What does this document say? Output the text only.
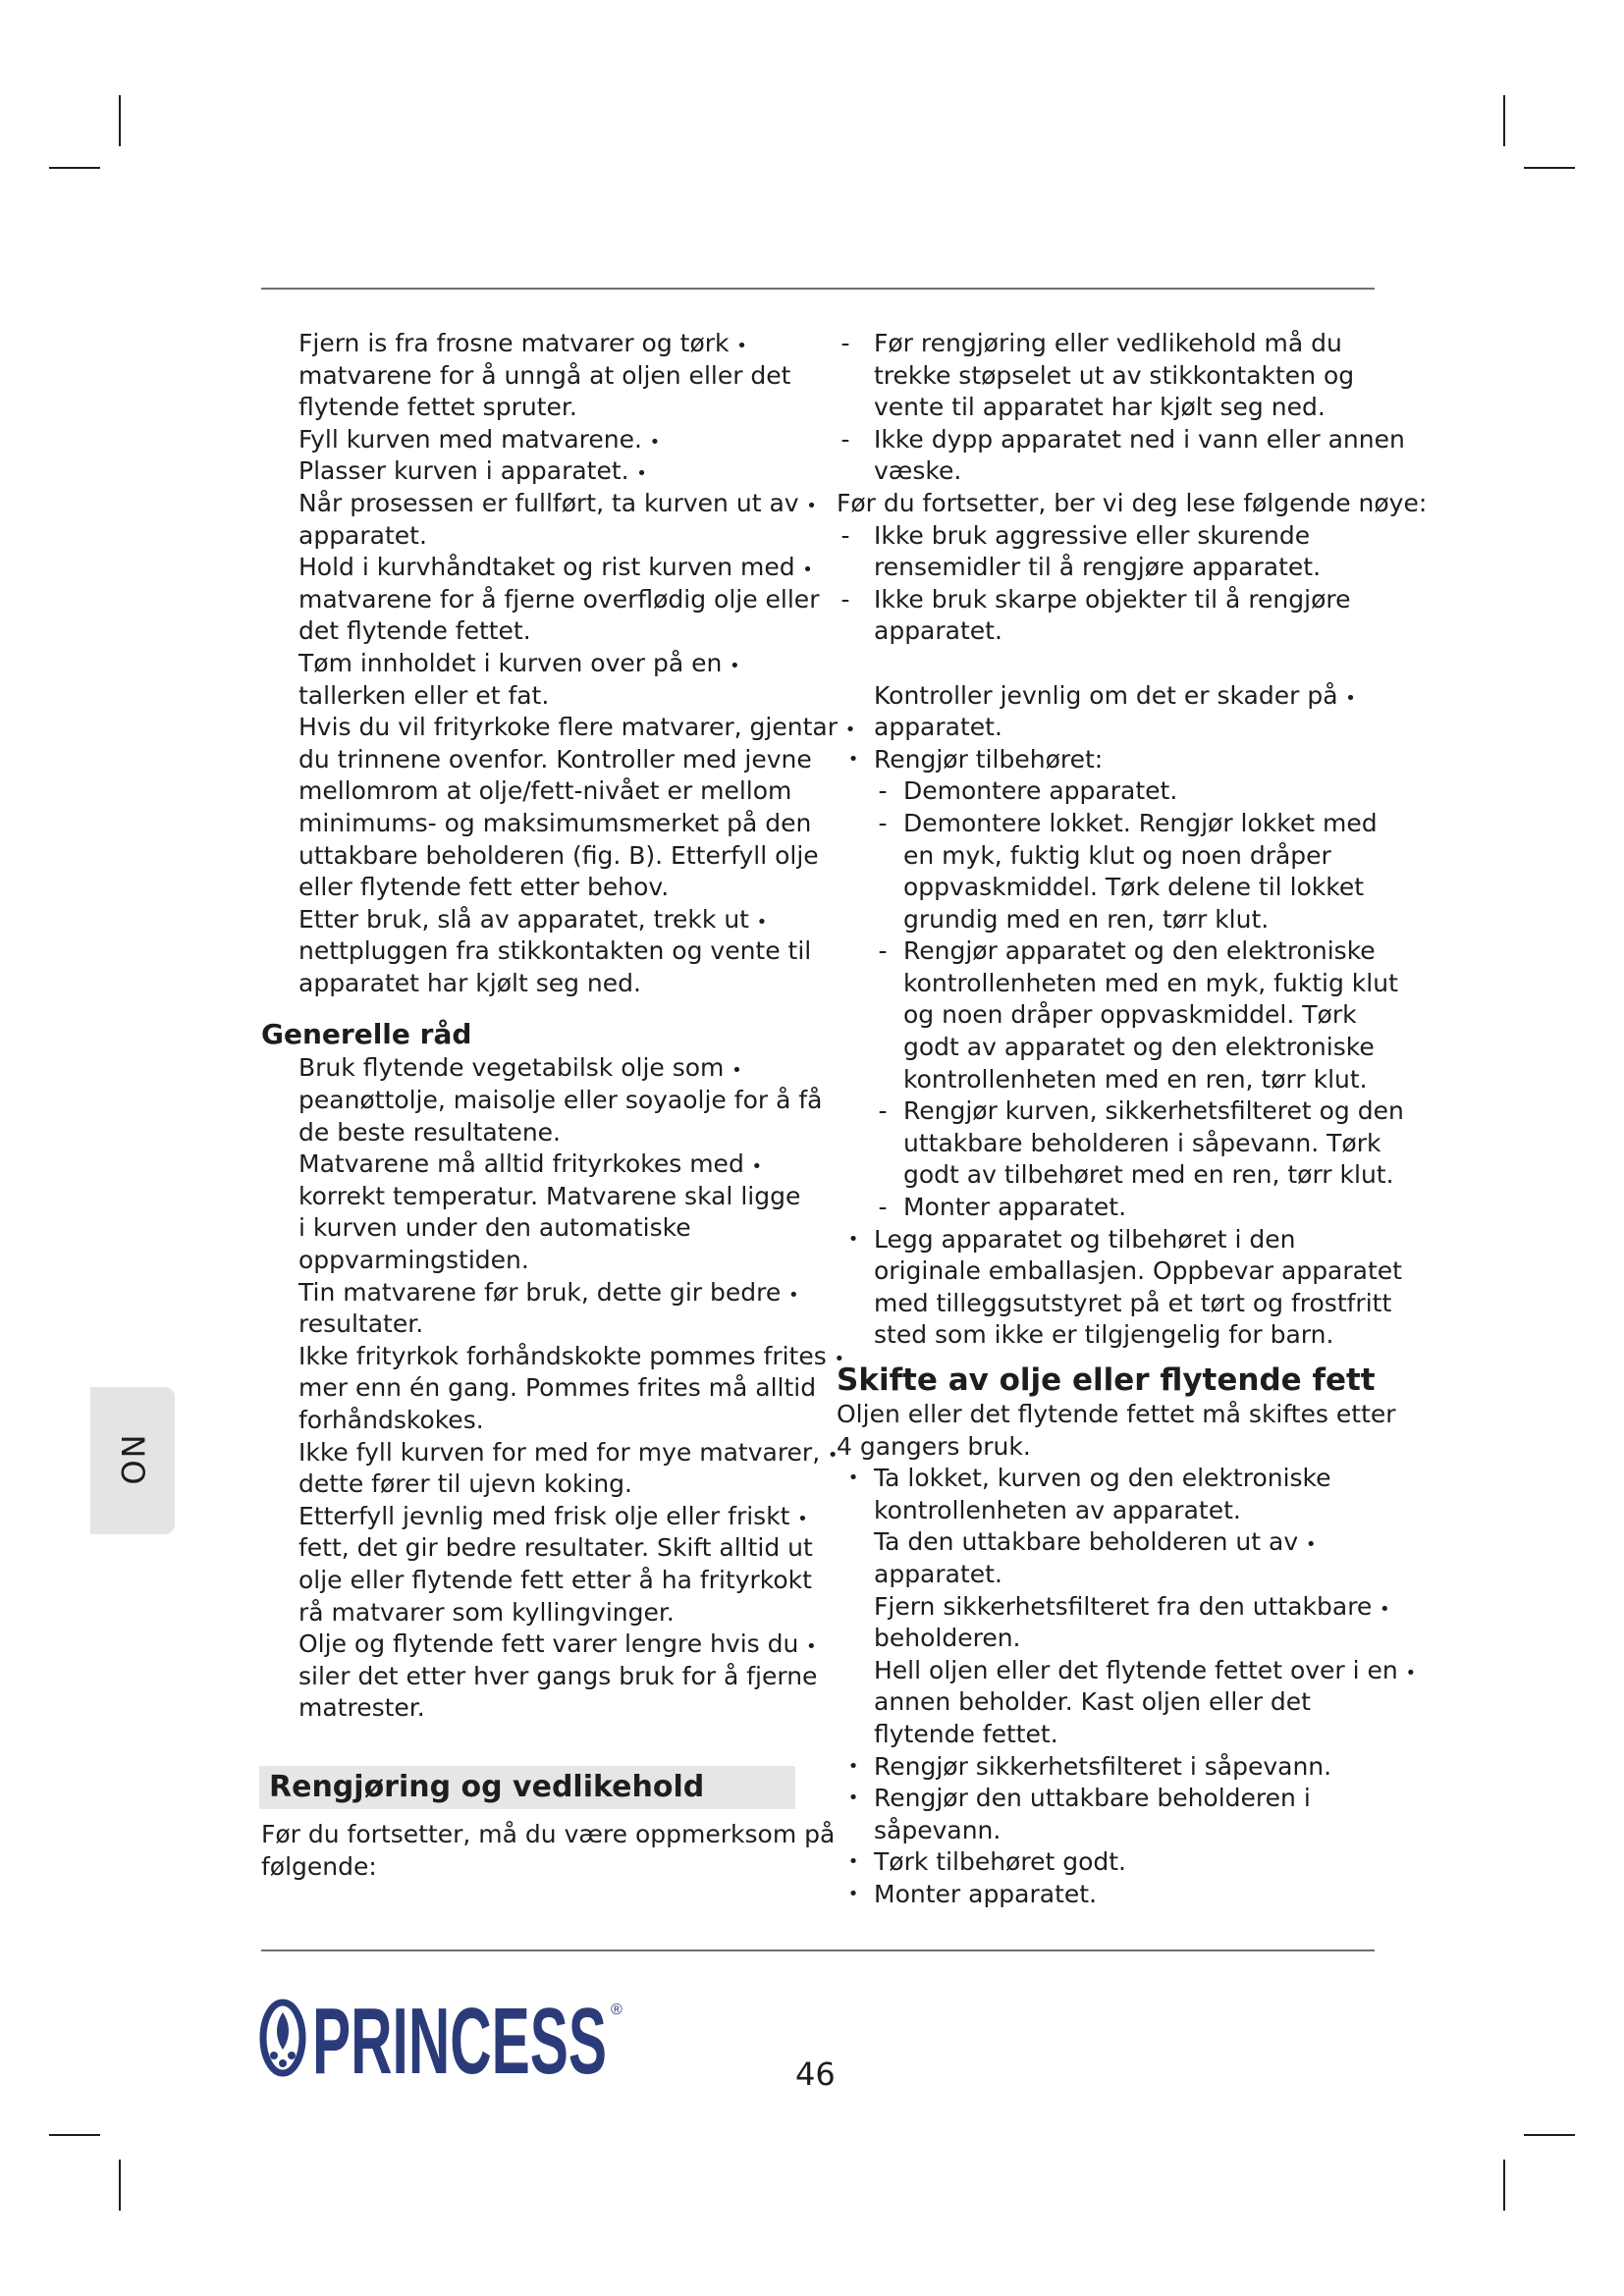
NO
Fjern is fra frosne matvarer og tørk •
matvarene for å unngå at oljen eller det
flytende fettet spruter.
Fyll kurven med matvarene. •
Plasser kurven i apparatet. •
Når prosessen er fullført, ta kurven ut av •
apparatet.
Hold i kurvhåndtaket og rist kurven med •
matvarene for å fjerne overflødig olje eller
det flytende fettet.
Tøm innholdet i kurven over på en •
tallerken eller et fat.
Hvis du vil frityrkoke flere matvarer, gjentar •
du trinnene ovenfor. Kontroller med jevne
mellomrom at olje/fett-nivået er mellom
minimums- og maksimumsmerket på den
uttakbare beholderen (fig. B). Etterfyll olje
eller flytende fett etter behov.
Etter bruk, slå av apparatet, trekk ut •
nettpluggen fra stikkontakten og vente til
apparatet har kjølt seg ned.
Generelle råd
Bruk flytende vegetabilsk olje som •
peanøttolje, maisolje eller soyaolje for å få
de beste resultatene.
Matvarene må alltid frityrkokes med •
korrekt temperatur. Matvarene skal ligge
i kurven under den automatiske
oppvarmingstiden.
Tin matvarene før bruk, dette gir bedre •
resultater.
Ikke frityrkok forhåndskokte pommes frites •
mer enn én gang. Pommes frites må alltid
forhåndskokes.
Ikke fyll kurven for med for mye matvarer, •
dette fører til ujevn koking.
Etterfyll jevnlig med frisk olje eller friskt •
fett, det gir bedre resultater. Skift alltid ut
olje eller flytende fett etter å ha frityrkokt
rå matvarer som kyllingvinger.
Olje og flytende fett varer lengre hvis du •
siler det etter hver gangs bruk for å fjerne
matrester.
Rengjøring og vedlikehold
Før du fortsetter, må du være oppmerksom på
følgende:
- Før rengjøring eller vedlikehold må du
trekke støpselet ut av stikkontakten og
vente til apparatet har kjølt seg ned.
- Ikke dypp apparatet ned i vann eller annen
væske.
Før du fortsetter, ber vi deg lese følgende nøye:
- Ikke bruk aggressive eller skurende
rensemidler til å rengjøre apparatet.
- Ikke bruk skarpe objekter til å rengjøre
apparatet.
Kontroller jevnlig om det er skader på •
apparatet.
• Rengjør tilbehøret:
- Demontere apparatet.
- Demontere lokket. Rengjør lokket med
en myk, fuktig klut og noen dråper
oppvaskmiddel. Tørk delene til lokket
grundig med en ren, tørr klut.
- Rengjør apparatet og den elektroniske
kontrollenheten med en myk, fuktig klut
og noen dråper oppvaskmiddel. Tørk
godt av apparatet og den elektroniske
kontrollenheten med en ren, tørr klut.
- Rengjør kurven, sikkerhetsfilteret og den
uttakbare beholderen i såpevann. Tørk
godt av tilbehøret med en ren, tørr klut.
- Monter apparatet.
• Legg apparatet og tilbehøret i den
originale emballasjen. Oppbevar apparatet
med tilleggsutstyret på et tørt og frostfritt
sted som ikke er tilgjengelig for barn.
Skifte av olje eller flytende fett
Oljen eller det flytende fettet må skiftes etter
4 gangers bruk.
• Ta lokket, kurven og den elektroniske
kontrollenheten av apparatet.
Ta den uttakbare beholderen ut av •
apparatet.
Fjern sikkerhetsfilteret fra den uttakbare •
beholderen.
Hell oljen eller det flytende fettet over i en •
annen beholder. Kast oljen eller det
flytende fettet.
• Rengjør sikkerhetsfilteret i såpevann.
• Rengjør den uttakbare beholderen i
såpevann.
• Tørk tilbehøret godt.
• Monter apparatet.
PRINCESS ®
46
